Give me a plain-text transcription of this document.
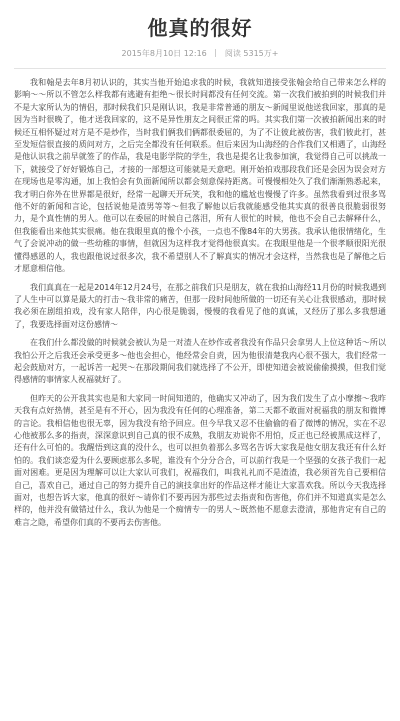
他真的很好
2015年8月10日 12:16 阅读 5315万+

我和翰是去年8月初认识的，其实当他开始追求我的时候，我就知道接受张翰会给自己带来怎么样的影响～～所以不管怎么样我都有逃避有拒绝～很长时间都没有任何交流。第一次我们被拍到的时候我们并不是大家所认为的情侣，那时候我们只是刚认识，我是非常普通的朋友～新闻里说他送我回家，那真的是因为当时很晚了，他才送我回家的，这不是异性朋友之间很正常的吗。其实我们第一次被拍新闻出来的时候还互相怀疑过对方是不是炒作，当时我们俩我们俩都很委屈的，为了不让彼此被伤害，我们彼此打，甚至发短信很直接的质问对方，之后完全都没有任何联系。但后来因为山海经的合作我们又相遇了，山海经是他认识我之前早就签了的作品，我是电影学院的学生，我也是提名让我参加演，我觉得自己可以挑战一下，就接受了好好锻炼自己，才接的一部想这可能就是天意吧。刚开始拍戏那段我们还是会因为误会对方在现场也是零沟通，加上我怕会有负面新闻所以都会刻意保持距离。可慢慢相处久了我们渐渐熟悉起来，我才明白你外在世界都是很好，经常一起聊天开玩笑，我和他的尴尬也慢慢了许多。虽然我看到过很多骂他不好的新闻和言论，包括说他是渣男等等～但我了解他以后我就能感受他其实真的很善良很脆弱很努力，是个真性情的男人。他可以在委屈的时候自己落泪，所有人很忙的时候，他也不会自己去解释什么，但我能看出来他其实很痛。他在我眼里真的像个小孩，一点也不像84年的大男孩。我承认他很情绪化，生气了会说冲动的做一些幼稚的事情，但就因为这样我才觉得他很真实。在我眼里他是一个很孝顺很阳光很懂得感恩的人，我也跟他说过很多次，我不希望别人不了解真实的情况才会这样，当然我也是了解他之后才愿意相信他。

我们真真在一起是2014年12月24号，在那之前我们只是朋友，就在我拍山海经11月份的时候我遇到了人生中可以算是最大的打击～我非常的痛苦，但那一段时间他所做的一切还有关心让我很感动，那时候我必须在剧组拍戏，没有家人陪伴，内心很是脆弱，慢慢的我看见了他的真诚，又经历了那么多我想通了，我要选择面对这份感情～

在我们什么都没做的时候就会被认为是一对渣人在炒作或者我没有作品只会拿男人上位这种话～所以我怕公开之后我还会承受更多～他也会担心，他经常会自责，因为他很清楚我内心很不强大，我们经常一起会鼓励对方，一起诉苦一起哭～在那段期间我们就选择了不公开，即使知道会被说偷偷摸摸，但我们觉得感情的事情家人祝福就好了。

但昨天的公开我其实也是和大家同一时间知道的，他确实又冲动了，因为我们发生了点小摩擦～我昨天我有点好热情，甚至是有不开心，因为我没有任何的心理准备，第二天都不敢面对祝福我的朋友和微博的言论。我相信他也很无辜，因为我没有给予回应。但今早我又忍不住偷偷的看了微博的情况，实在不忍心他被那么多的指责，深深意识到自己真的很不成熟，我朋友劝说你不用怕，反正也已经被黑成这样了，还有什么可怕的。我醒悟到这真的没什么，也可以担负着那么多骂名告诉大家我是他女朋友我还有什么好怕的。我们谈恋爱为什么要顾虑那么多呢，谁没有个分分合合，可以前行我是一个坚强的女孩子我们一起面对困难。更是因为理解可以让大家认可我们，祝福我们，叫我礼礼而不是渣渣，我必须首先自己要相信自己，喜欢自己，通过自己的努力提升自己的演技拿出好的作品这样才能让大家喜欢我。所以今天我选择面对，也想告诉大家，他真的很好～请你们不要再因为那些过去指责和伤害他，你们并不知道真实是怎么样的，他并没有做错过什么，我认为他是一个痴情专一的男人～既然他不愿意去澄清，那他肯定有自己的难言之隐，希望你们真的不要再去伤害他。
